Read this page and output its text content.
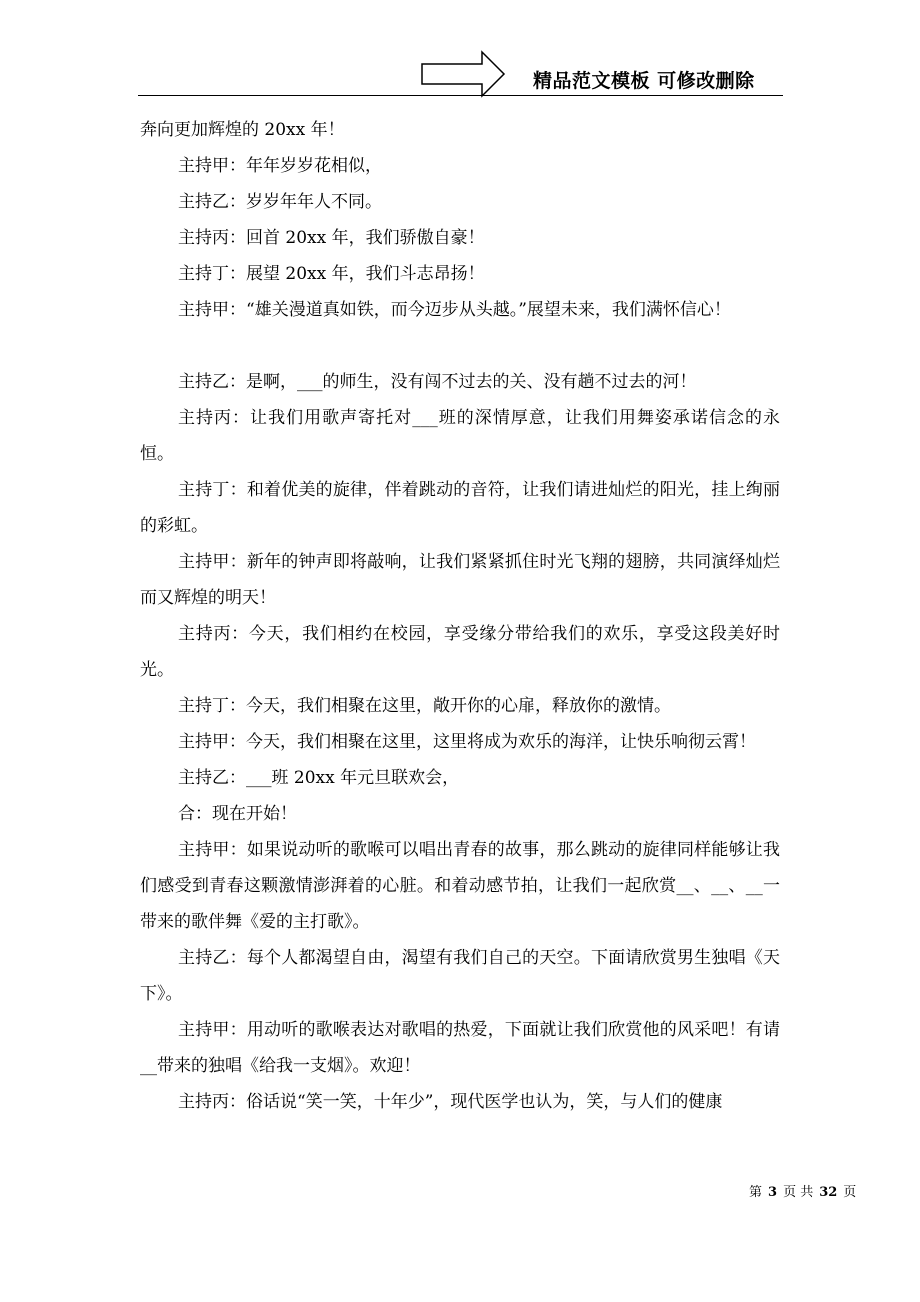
精品范文模板 可修改删除

奔向更加辉煌的 20xx 年！

主持甲：年年岁岁花相似，

主持乙：岁岁年年人不同。

主持丙：回首 20xx 年，我们骄傲自豪！

主持丁：展望 20xx 年，我们斗志昂扬！

主持甲：“雄关漫道真如铁，而今迈步从头越。”展望未来，我们满怀信心！

主持乙：是啊，___的师生，没有闯不过去的关、没有趟不过去的河！

主持丙：让我们用歌声寄托对___班的深情厚意，让我们用舞姿承诺信念的永恒。

主持丁：和着优美的旋律，伴着跳动的音符，让我们请进灿烂的阳光，挂上绚丽的彩虹。

主持甲：新年的钟声即将敲响，让我们紧紧抓住时光飞翔的翅膀，共同演绎灿烂而又辉煌的明天！

主持丙：今天，我们相约在校园，享受缘分带给我们的欢乐，享受这段美好时光。

主持丁：今天，我们相聚在这里，敞开你的心扉，释放你的激情。

主持甲：今天，我们相聚在这里，这里将成为欢乐的海洋，让快乐响彻云霄！

主持乙：___班 20xx 年元旦联欢会，

合：现在开始！

主持甲：如果说动听的歌喉可以唱出青春的故事，那么跳动的旋律同样能够让我们感受到青春这颗激情澎湃着的心脏。和着动感节拍，让我们一起欣赏__、__、__一带来的歌伴舞《爱的主打歌》。

主持乙：每个人都渴望自由，渴望有我们自己的天空。下面请欣赏男生独唱《天下》。

主持甲：用动听的歌喉表达对歌唱的热爱，下面就让我们欣赏他的风采吧！有请__带来的独唱《给我一支烟》。欢迎！

主持丙：俗话说“笑一笑，十年少”，现代医学也认为，笑，与人们的健康

第 3 页 共 32 页
